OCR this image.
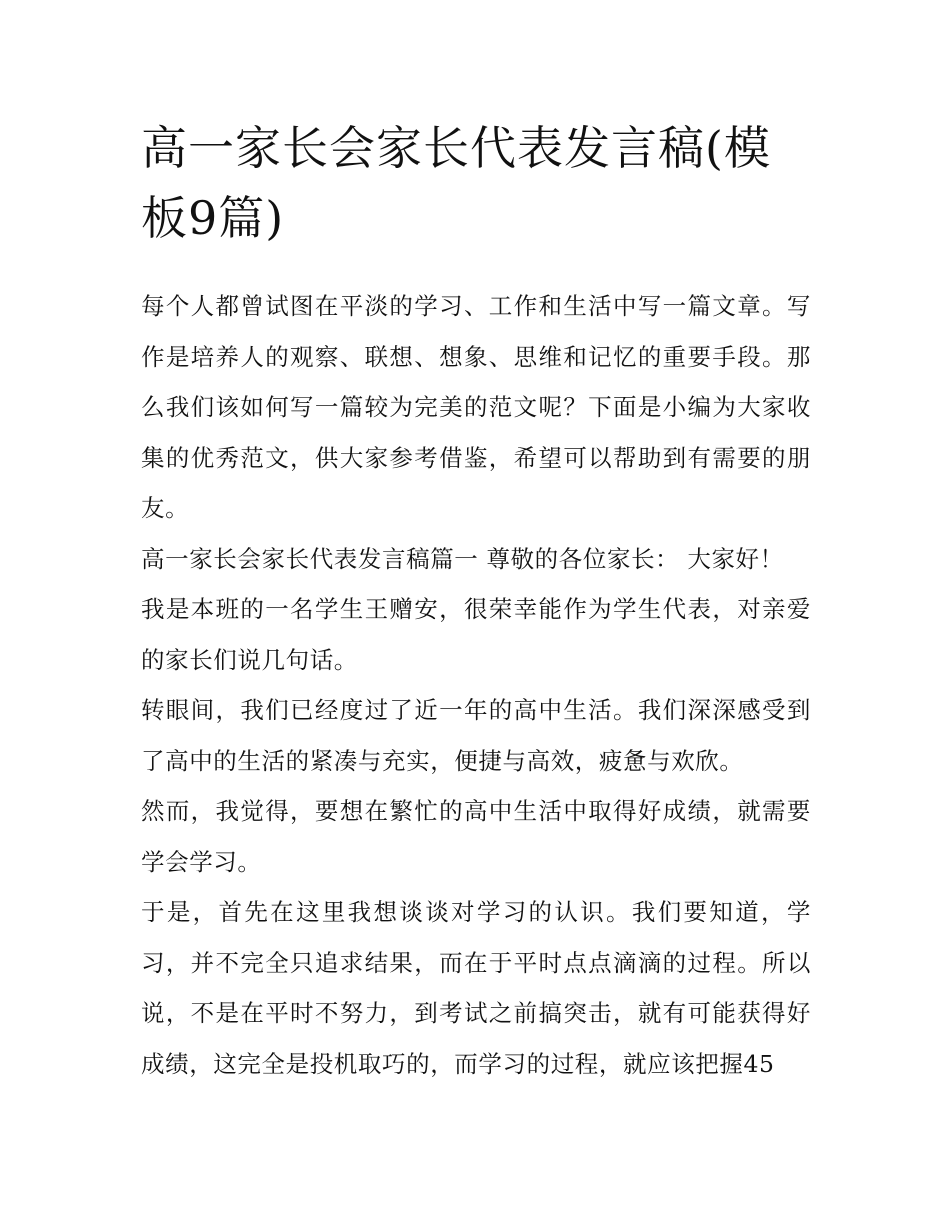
高一家长会家长代表发言稿(模板9篇)

每个人都曾试图在平淡的学习、工作和生活中写一篇文章。写作是培养人的观察、联想、想象、思维和记忆的重要手段。那么我们该如何写一篇较为完美的范文呢？下面是小编为大家收集的优秀范文，供大家参考借鉴，希望可以帮助到有需要的朋友。

高一家长会家长代表发言稿篇一 尊敬的各位家长： 大家好！

我是本班的一名学生王赠安，很荣幸能作为学生代表，对亲爱的家长们说几句话。

转眼间，我们已经度过了近一年的高中生活。我们深深感受到了高中的生活的紧凑与充实，便捷与高效，疲惫与欢欣。

然而，我觉得，要想在繁忙的高中生活中取得好成绩，就需要学会学习。

于是，首先在这里我想谈谈对学习的认识。我们要知道，学习，并不完全只追求结果，而在于平时点点滴滴的过程。所以说，不是在平时不努力，到考试之前搞突击，就有可能获得好成绩，这完全是投机取巧的，而学习的过程，就应该把握45
